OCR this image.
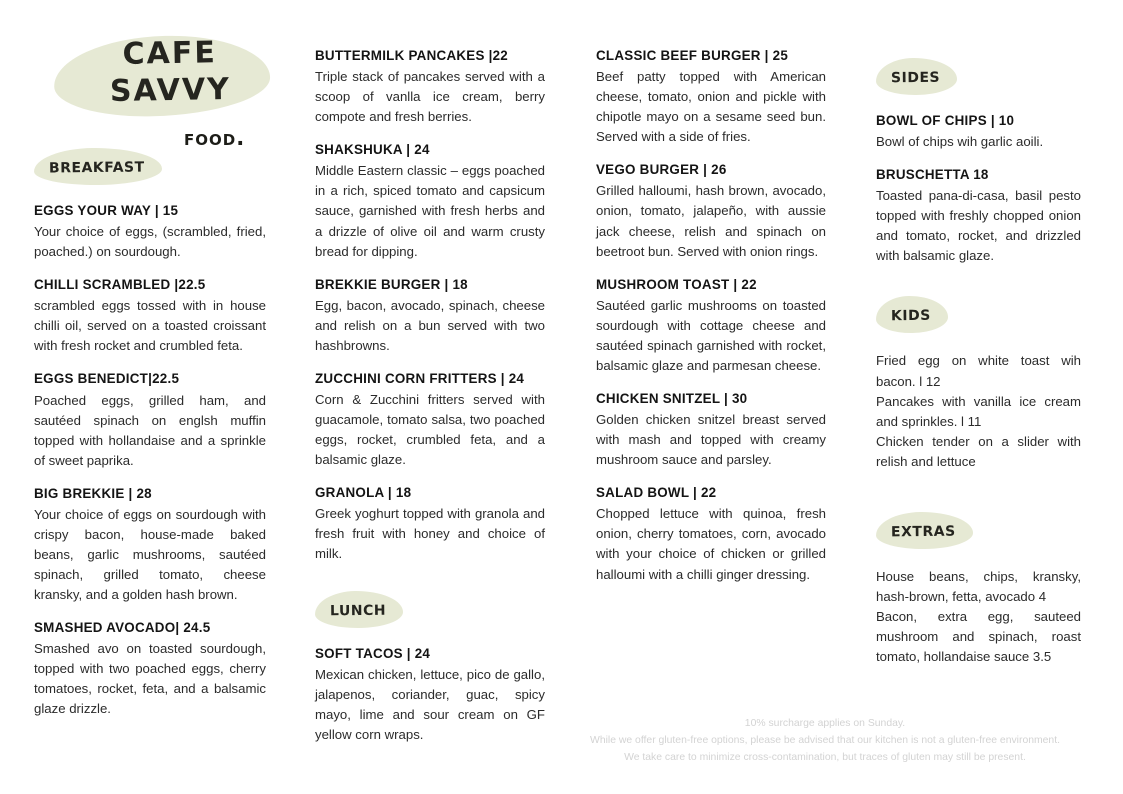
cafe
savvy
food.
breakfast
EGGS YOUR WAY | 15
Your choice of eggs, (scrambled, fried, poached.) on sourdough.
CHILLI SCRAMBLED |22.5
scrambled eggs tossed with in house chilli oil, served on a toasted croissant with fresh rocket and crumbled feta.
EGGS BENEDICT|22.5
Poached eggs, grilled ham, and sautéed spinach on englsh muffin topped with hollandaise and a sprinkle of sweet paprika.
BIG BREKKIE | 28
Your choice of eggs on sourdough with crispy bacon, house-made baked beans, garlic mushrooms, sautéed spinach, grilled tomato, cheese kransky, and a golden hash brown.
SMASHED AVOCADO| 24.5
Smashed avo on toasted sourdough, topped with two poached eggs, cherry tomatoes, rocket, feta, and a balsamic glaze drizzle.
BUTTERMILK PANCAKES |22
Triple stack of pancakes served with a scoop of vanlla ice cream, berry compote and fresh berries.
SHAKSHUKA | 24
Middle Eastern classic – eggs poached in a rich, spiced tomato and capsicum sauce, garnished with fresh herbs and a drizzle of olive oil and warm crusty bread for dipping.
BREKKIE BURGER | 18
Egg, bacon, avocado, spinach, cheese and relish on a bun served with two hashbrowns.
ZUCCHINI CORN FRITTERS | 24
Corn & Zucchini fritters served with guacamole, tomato salsa, two poached eggs, rocket, crumbled feta, and a balsamic glaze.
GRANOLA | 18
Greek yoghurt topped with granola and fresh fruit with honey and choice of milk.
lunch
SOFT TACOS | 24
Mexican chicken, lettuce, pico de gallo, jalapenos, coriander, guac, spicy mayo, lime and sour cream on GF yellow corn wraps.
CLASSIC BEEF BURGER | 25
Beef patty topped with American cheese, tomato, onion and pickle with chipotle mayo on a sesame seed bun. Served with a side of fries.
VEGO BURGER | 26
Grilled halloumi, hash brown, avocado, onion, tomato, jalapeño, with aussie jack cheese, relish and spinach on beetroot bun. Served with onion rings.
MUSHROOM TOAST | 22
Sautéed garlic mushrooms on toasted sourdough with cottage cheese and sautéed spinach garnished with rocket, balsamic glaze and parmesan cheese.
CHICKEN SNITZEL | 30
Golden chicken snitzel breast served with mash and topped with creamy mushroom sauce and parsley.
SALAD BOWL | 22
Chopped lettuce with quinoa, fresh onion, cherry tomatoes, corn, avocado with your choice of chicken or grilled halloumi with a chilli ginger dressing.
sides
BOWL OF CHIPS | 10
Bowl of chips wih garlic aoili.
BRUSCHETTA 18
Toasted pana-di-casa, basil pesto topped with freshly chopped onion and tomato, rocket, and drizzled with balsamic glaze.
kids
Fried egg on white toast wih bacon. l 12
Pancakes with vanilla ice cream and sprinkles. l 11
Chicken tender on a slider with relish and lettuce
extras
House beans, chips, kransky, hash-brown, fetta, avocado 4
Bacon, extra egg, sauteed mushroom and spinach, roast tomato, hollandaise sauce 3.5
10% surcharge applies on Sunday.
While we offer gluten-free options, please be advised that our kitchen is not a gluten-free environment.
We take care to minimize cross-contamination, but traces of gluten may still be present.
